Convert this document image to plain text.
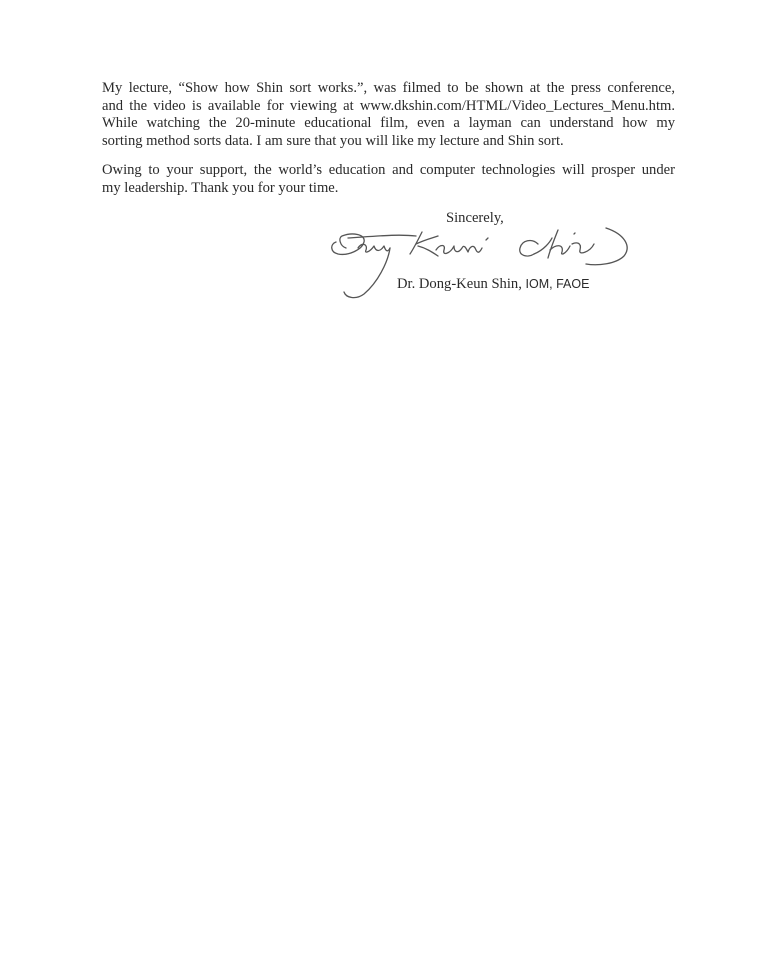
My lecture, “Show how Shin sort works.”, was filmed to be shown at the press conference,
and the video is available for viewing at www.dkshin.com/HTML/Video_Lectures_Menu.htm.
While watching the 20-minute educational film, even a layman can understand how my
sorting method sorts data. I am sure that you will like my lecture and Shin sort.
Owing to your support, the world’s education and computer technologies will prosper under
my leadership. Thank you for your time.
Sincerely,
Dr. Dong-Keun Shin, IOM, FAOE
